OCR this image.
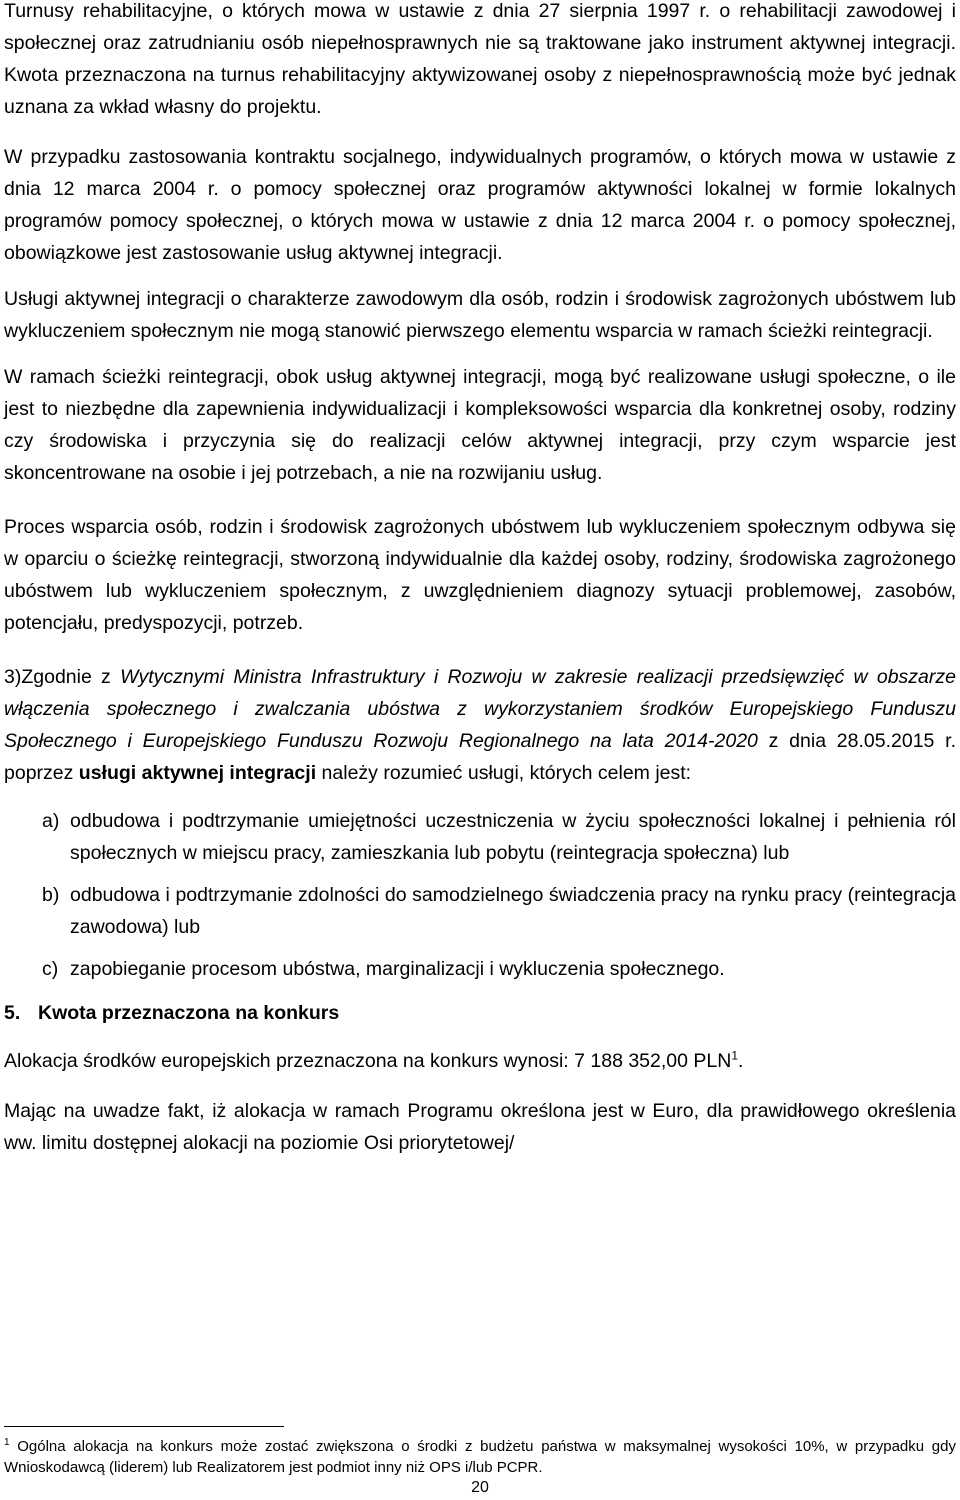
Turnusy rehabilitacyjne, o których mowa w ustawie z dnia 27 sierpnia 1997 r. o rehabilitacji zawodowej i społecznej oraz zatrudnianiu osób niepełnosprawnych nie są traktowane jako instrument aktywnej integracji. Kwota przeznaczona na turnus rehabilitacyjny aktywizowanej osoby z niepełnosprawnością może być jednak uznana za wkład własny do projektu.

W przypadku zastosowania kontraktu socjalnego, indywidualnych programów, o których mowa w ustawie z dnia 12 marca 2004 r. o pomocy społecznej oraz programów aktywności lokalnej w formie lokalnych programów pomocy społecznej, o których mowa w ustawie z dnia 12 marca 2004 r. o pomocy społecznej, obowiązkowe jest zastosowanie usług aktywnej integracji.

Usługi aktywnej integracji o charakterze zawodowym dla osób, rodzin i środowisk zagrożonych ubóstwem lub wykluczeniem społecznym nie mogą stanowić pierwszego elementu wsparcia w ramach ścieżki reintegracji.

W ramach ścieżki reintegracji, obok usług aktywnej integracji, mogą być realizowane usługi społeczne, o ile jest to niezbędne dla zapewnienia indywidualizacji i kompleksowości wsparcia dla konkretnej osoby, rodziny czy środowiska i przyczynia się do realizacji celów aktywnej integracji, przy czym wsparcie jest skoncentrowane na osobie i jej potrzebach, a nie na rozwijaniu usług.

Proces wsparcia osób, rodzin i środowisk zagrożonych ubóstwem lub wykluczeniem społecznym odbywa się w oparciu o ścieżkę reintegracji, stworzoną indywidualnie dla każdej osoby, rodziny, środowiska zagrożonego ubóstwem lub wykluczeniem społecznym, z uwzględnieniem diagnozy sytuacji problemowej, zasobów, potencjału, predyspozycji, potrzeb.

3)Zgodnie z Wytycznymi Ministra Infrastruktury i Rozwoju w zakresie realizacji przedsięwzięć w obszarze włączenia społecznego i zwalczania ubóstwa z wykorzystaniem środków Europejskiego Funduszu Społecznego i Europejskiego Funduszu Rozwoju Regionalnego na lata 2014-2020 z dnia 28.05.2015 r. poprzez usługi aktywnej integracji należy rozumieć usługi, których celem jest:

a) odbudowa i podtrzymanie umiejętności uczestniczenia w życiu społeczności lokalnej i pełnienia ról społecznych w miejscu pracy, zamieszkania lub pobytu (reintegracja społeczna) lub

b) odbudowa i podtrzymanie zdolności do samodzielnego świadczenia pracy na rynku pracy (reintegracja zawodowa) lub

c) zapobieganie procesom ubóstwa, marginalizacji i wykluczenia społecznego.

5. Kwota przeznaczona na konkurs

Alokacja środków europejskich przeznaczona na konkurs wynosi: 7 188 352,00 PLN$^1$.

Mając na uwadze fakt, iż alokacja w ramach Programu określona jest w Euro, dla prawidłowego określenia ww. limitu dostępnej alokacji na poziomie Osi priorytetowej/

$^1$ Ogólna alokacja na konkurs może zostać zwiększona o środki z budżetu państwa w maksymalnej wysokości 10%, w przypadku gdy Wnioskodawcą (liderem) lub Realizatorem jest podmiot inny niż OPS i/lub PCPR.
20
